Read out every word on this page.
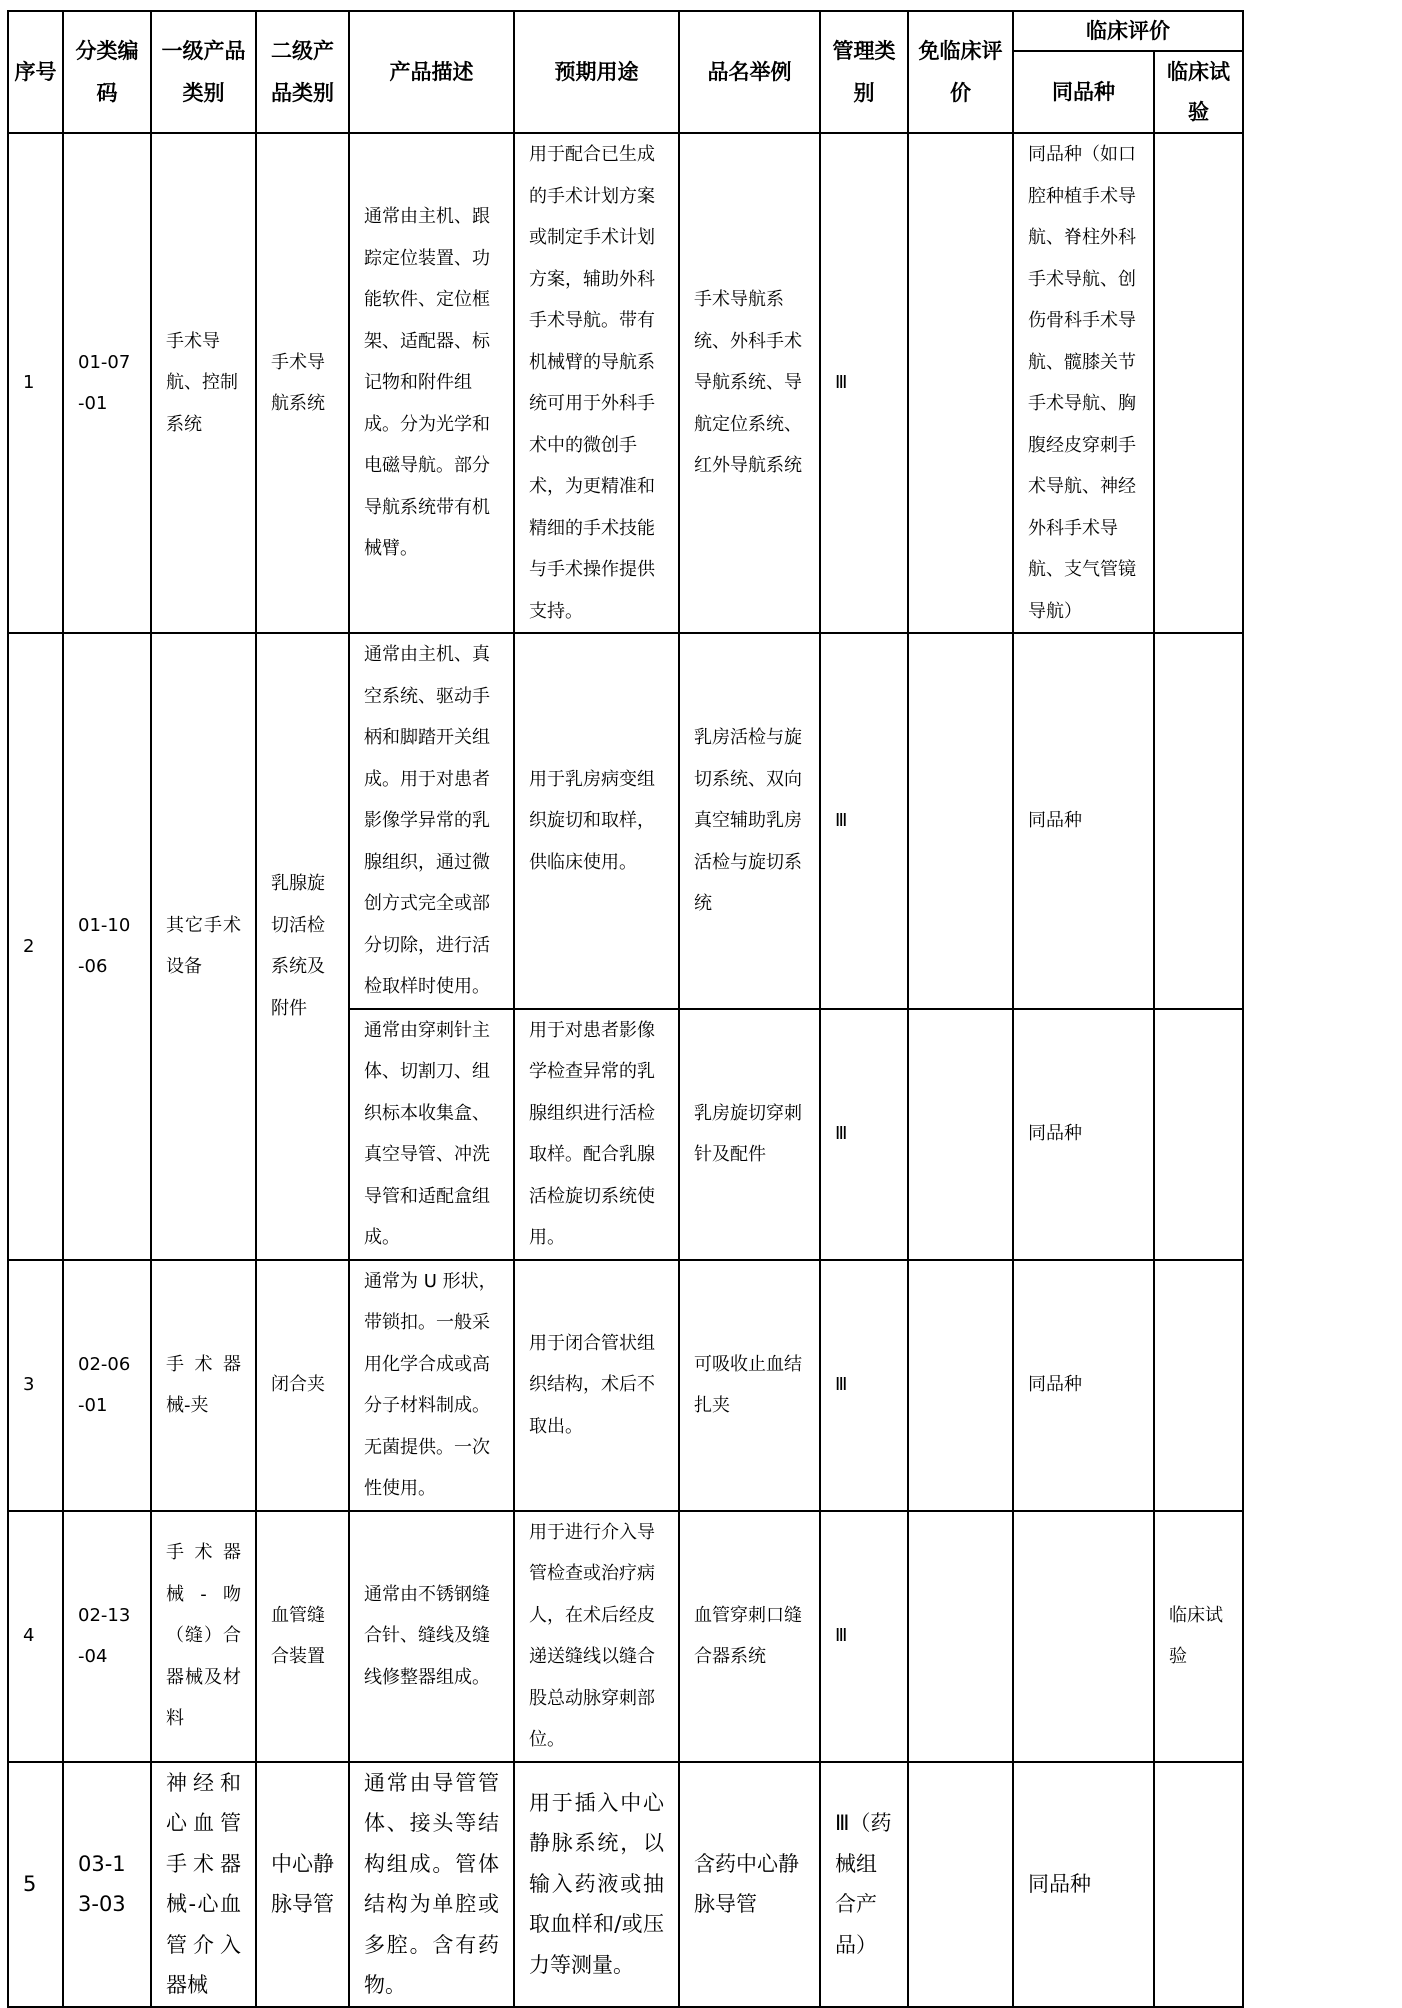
序号	分类编码	一级产品类别	二级产品类别	产品描述	预期用途	品名举例	管理类别	免临床评价	临床评价	
									同品种	临床试验
1	01-07-01	手术导航、控制系统	手术导航系统	通常由主机、跟踪定位装置、功能软件、定位框架、适配器、标记物和附件组成。分为光学和电磁导航。部分导航系统带有机械臂。	用于配合已生成的手术计划方案或制定手术计划方案，辅助外科手术导航。带有机械臂的导航系统可用于外科手术中的微创手术，为更精准和精细的手术技能与手术操作提供支持。	手术导航系统、外科手术导航系统、导航定位系统、红外导航系统	Ⅲ		同品种（如口腔种植手术导航、脊柱外科手术导航、创伤骨科手术导航、髋膝关节手术导航、胸腹经皮穿刺手术导航、神经外科手术导航、支气管镜导航）	
2	01-10-06	其它手术设备	乳腺旋切活检系统及附件	通常由主机、真空系统、驱动手柄和脚踏开关组成。用于对患者影像学异常的乳腺组织，通过微创方式完全或部分切除，进行活检取样时使用。	用于乳房病变组织旋切和取样，供临床使用。	乳房活检与旋切系统、双向真空辅助乳房活检与旋切系统	Ⅲ		同品种	
				通常由穿刺针主体、切割刀、组织标本收集盒、真空导管、冲洗导管和适配盒组成。	用于对患者影像学检查异常的乳腺组织进行活检取样。配合乳腺活检旋切系统使用。	乳房旋切穿刺针及配件	Ⅲ		同品种	
3	02-06-01	手术器械-夹	闭合夹	通常为 U 形状，带锁扣。一般采用化学合成或高分子材料制成。无菌提供。一次性使用。	用于闭合管状组织结构，术后不取出。	可吸收止血结扎夹	Ⅲ		同品种	
4	02-13-04	手术器械-吻（缝）合器械及材料	血管缝合装置	通常由不锈钢缝合针、缝线及缝线修整器组成。	用于进行介入导管检查或治疗病人，在术后经皮递送缝线以缝合股总动脉穿刺部位。	血管穿刺口缝合器系统	Ⅲ			临床试验
5	03-13-03	神经和心血管手术器械-心血管介入器械	中心静脉导管	通常由导管管体、接头等结构组成。管体结构为单腔或多腔。含有药物。	用于插入中心静脉系统，以输入药液或抽取血样和/或压力等测量。	含药中心静脉导管	Ⅲ（药械组合产品）		同品种	
